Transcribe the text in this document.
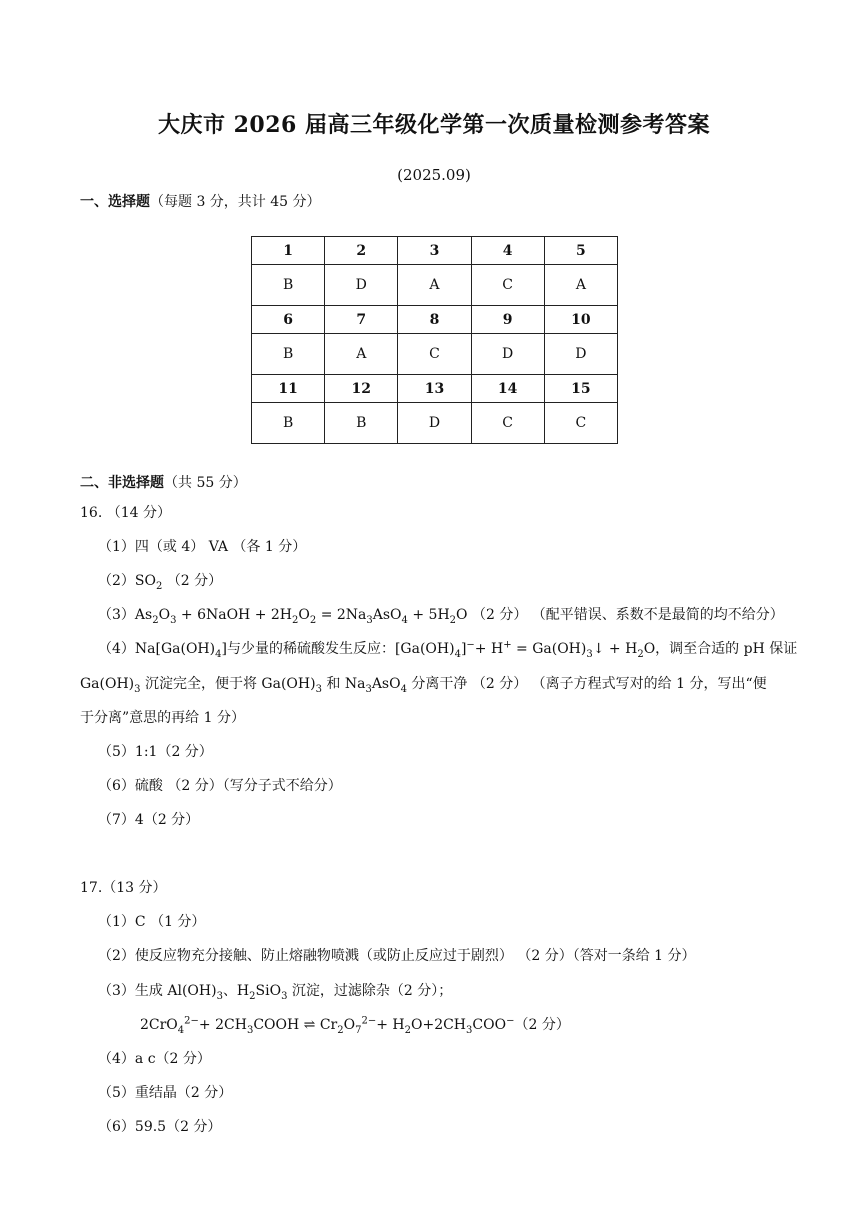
大庆市 2026 届高三年级化学第一次质量检测参考答案
(2025.09)
一、选择题（每题 3 分，共计 45 分）
1	2	3	4	5
B	D	A	C	A
6	7	8	9	10
B	A	C	D	D
11	12	13	14	15
B	B	D	C	C
二、非选择题（共 55 分）
16. （14 分）
（1）四（或 4） VA （各 1 分）
$(2)SO_2$ （2 分）
$(3)As_2O_3$ + 6NaOH + $2H_2O_2 = 2Na_3AsO_4 + 5H_2O$ （2 分） （配平错误、系数不是最简的均不给分）
$(4)Na[Ga(OH)_4]$与少量的稀硫酸发生反应：$[Ga(OH)_4]^-+ H^+$ = $Ga(OH)_3↓ + H_2O$，调至合适的 pH 保证
$Ga(OH)_3$ 沉淀完全，便于将 $Ga(OH)_3$ 和 $Na_3AsO_4$ 分离干净 （2 分） （离子方程式写对的给 1 分，写出“便
于分离”意思的再给 1 分）
（5）1:1（2 分）
（6）硫酸 （2 分）（写分子式不给分）
（7）4（2 分）
17.（13 分）
（1）C （1 分）
（2）使反应物充分接触、防止熔融物喷溅（或防止反应过于剧烈） （2 分）（答对一条给 1 分）
（3）生成 $Al(OH)_3$、$H_2SiO_3$ 沉淀，过滤除杂（2 分）；
$2CrO_4^{2-}+ 2CH_3COOH$ ⇌ $Cr_2O_7^{2-}+ H_2O+2CH_3COO^-(2$ 分）
（4）a c（2 分）
（5）重结晶（2 分）
（6）59.5（2 分）
